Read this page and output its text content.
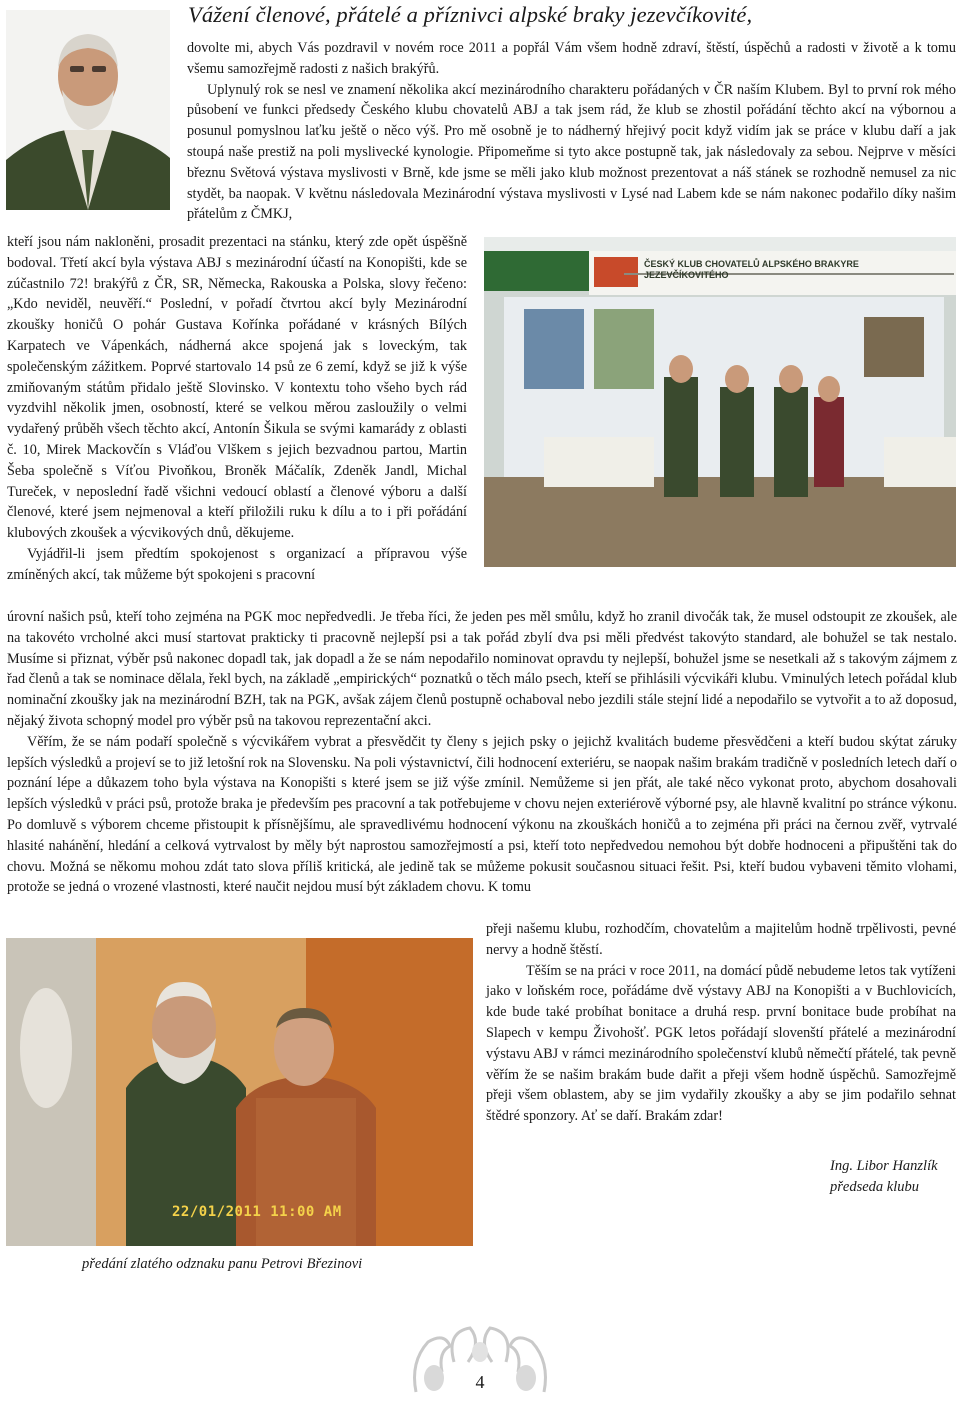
Vážení členové, přátelé a příznivci alpské braky jezevčíkovité,

dovolte mi, abych Vás pozdravil v novém roce 2011 a popřál Vám všem hodně zdraví, štěstí, úspěchů a radosti v životě a k tomu všemu samozřejmě radosti z našich brakýřů.

Uplynulý rok se nesl ve znamení několika akcí mezinárodního charakteru pořádaných v ČR naším Klubem. Byl to první rok mého působení ve funkci předsedy Českého klubu chovatelů ABJ a tak jsem rád, že klub se zhostil pořádání těchto akcí na výbornou a posunul pomyslnou laťku ještě o něco výš. Pro mě osobně je to nádherný hřejivý pocit když vidím jak se práce v klubu daří a jak stoupá naše prestiž na poli myslivecké kynologie. Připomeňme si tyto akce postupně tak, jak následovaly za sebou. Nejprve v měsíci březnu Světová výstava myslivosti v Brně, kde jsme se měli jako klub možnost prezentovat a náš stánek se rozhodně nemusel za nic stydět, ba naopak. V květnu následovala Mezinárodní výstava myslivosti v Lysé nad Labem kde se nám nakonec podařilo díky našim přátelům z ČMKJ,

kteří jsou nám nakloněni, prosadit prezentaci na stánku, který zde opět úspěšně bodoval. Třetí akcí byla výstava ABJ s mezinárodní účastí na Konopišti, kde se zúčastnilo 72! brakýřů z ČR, SR, Německa, Rakouska a Polska, slovy řečeno: „Kdo neviděl, neuvěří.“ Poslední, v pořadí čtvrtou akcí byly Mezinárodní zkoušky honičů O pohár Gustava Kořínka pořádané v krásných Bílých Karpatech ve Vápenkách, nádherná akce spojená jak s loveckým, tak společenským zážitkem. Poprvé startovalo 14 psů ze 6 zemí, když se již k výše zmiňovaným státům přidalo ještě Slovinsko. V kontextu toho všeho bych rád vyzdvihl několik jmen, osobností, které se velkou měrou zasloužily o velmi vydařený průběh všech těchto akcí, Antonín Šikula se svými kamarády z oblasti č. 10, Mirek Mackovčín s Vláďou Vlškem s jejich bezvadnou partou, Martin Šeba společně s Víťou Pivoňkou, Broněk Máčalík, Zdeněk Jandl, Michal Tureček, v neposlední řadě všichni vedoucí oblastí a členové výboru a další členové, které jsem nejmenoval a kteří přiložili ruku k dílu a to i při pořádání klubových zkoušek a výcvikových dnů, děkujeme.

Vyjádřil-li jsem předtím spokojenost s organizací a přípravou výše zmíněných akcí, tak můžeme být spokojeni s pracovní

ČESKÝ KLUB CHOVATELŮ ALPSKÉHO BRAKYRE JEZEVČÍKOVITÉHO

úrovní našich psů, kteří toho zejména na PGK moc nepředvedli. Je třeba říci, že jeden pes měl smůlu, když ho zranil divočák tak, že musel odstoupit ze zkoušek, ale na takovéto vrcholné akci musí startovat prakticky ti pracovně nejlepší psi a tak pořád zbylí dva psi měli předvést takovýto standard, ale bohužel se tak nestalo. Musíme si přiznat, výběr psů nakonec dopadl tak, jak dopadl a že se nám nepodařilo nominovat opravdu ty nejlepší, bohužel jsme se nesetkali až s takovým zájmem z řad členů a tak se nominace dělala, řekl bych, na základě „empirických“ poznatků o těch málo psech, kteří se přihlásili výcvikáři klubu. Vminulých letech pořádal klub nominační zkoušky jak na mezinárodní BZH, tak na PGK, avšak zájem členů postupně ochaboval nebo jezdili stále stejní lidé a nepodařilo se vytvořit a to až doposud, nějaký života schopný model pro výběr psů na takovou reprezentační akci.

Věřím, že se nám podaří společně s výcvikářem vybrat a přesvědčit ty členy s jejich psky o jejichž kvalitách budeme přesvědčeni a kteří budou skýtat záruky lepších výsledků a projeví se to již letošní rok na Slovensku. Na poli výstavnictví, čili hodnocení exteriéru, se naopak našim brakám tradičně v posledních letech daří o poznání lépe a důkazem toho byla výstava na Konopišti s které jsem se již výše zmínil. Nemůžeme si jen přát, ale také něco vykonat proto, abychom dosahovali lepších výsledků v práci psů, protože braka je především pes pracovní a tak potřebujeme v chovu nejen exteriérově výborné psy, ale hlavně kvalitní po stránce výkonu. Po domluvě s výborem chceme přistoupit k přísnějšímu, ale spravedlivému hodnocení výkonu na zkouškách honičů a to zejména při práci na černou zvěř, vytrvalé hlasité nahánění, hledání a celková vytrvalost by měly být naprostou samozřejmostí a psi, kteří toto nepředvedou nemohou být dobře hodnoceni a připuštěni tak do chovu. Možná se někomu mohou zdát tato slova příliš kritická, ale jedině tak se můžeme pokusit současnou situaci řešit. Psi, kteří budou vybaveni těmito vlohami, protože se jedná o vrozené vlastnosti, které naučit nejdou musí být základem chovu. K tomu

22/01/2011 11:00 AM

přeji našemu klubu, rozhodčím, chovatelům a majitelům hodně trpělivosti, pevné nervy a hodně štěstí.

Těším se na práci v roce 2011, na domácí půdě nebudeme letos tak vytíženi jako v loňském roce, pořádáme dvě výstavy ABJ na Konopišti a v Buchlovicích, kde bude také probíhat bonitace a druhá resp. první bonitace bude probíhat na Slapech v kempu Živohošť. PGK letos pořádají slovenští přátelé a mezinárodní výstavu ABJ v rámci mezinárodního společenství klubů němečtí přátelé, tak pevně věřím že se našim brakám bude dařit a přeji všem hodně úspěchů. Samozřejmě přeji všem oblastem, aby se jim vydařily zkoušky a aby se jim podařilo sehnat štědré sponzory. Ať se daří. Brakám zdar!

Ing. Libor Hanzlík
předseda klubu
předání zlatého odznaku panu Petrovi Březinovi
4
